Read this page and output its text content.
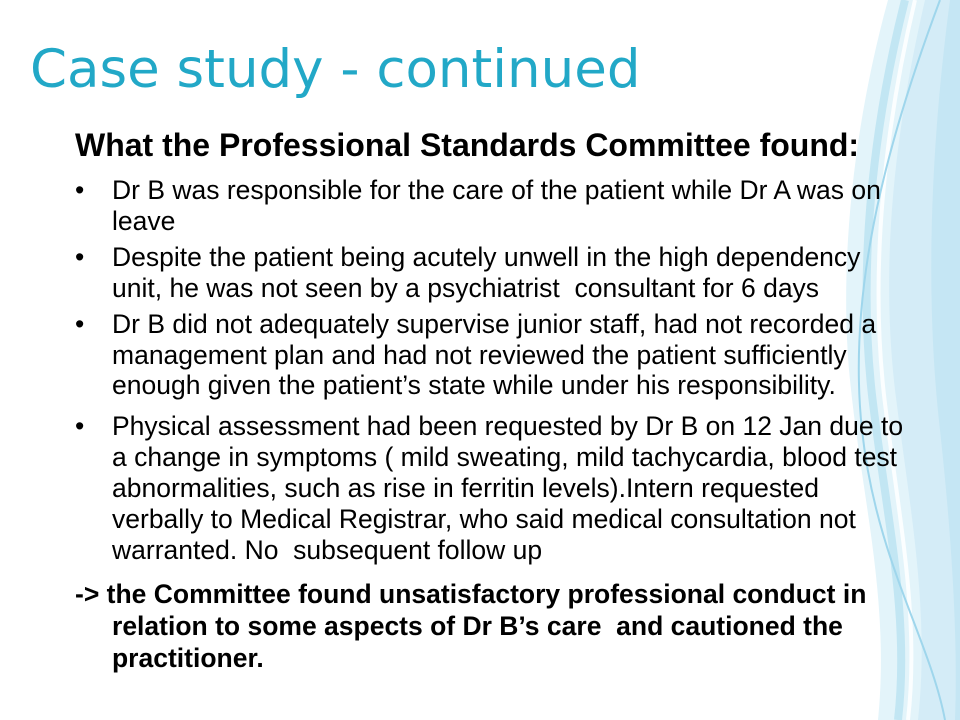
Case study - continued
What the Professional Standards Committee found:
• Dr B was responsible for the care of the patient while Dr A was on
leave
• Despite the patient being acutely unwell in the high dependency
unit, he was not seen by a psychiatrist  consultant for 6 days
• Dr B did not adequately supervise junior staff, had not recorded a
management plan and had not reviewed the patient sufficiently
enough given the patient’s state while under his responsibility.
• Physical assessment had been requested by Dr B on 12 Jan due to
a change in symptoms ( mild sweating, mild tachycardia, blood test
abnormalities, such as rise in ferritin levels).Intern requested
verbally to Medical Registrar, who said medical consultation not
warranted. No  subsequent follow up
-> the Committee found unsatisfactory professional conduct in
relation to some aspects of Dr B’s care  and cautioned the
practitioner.
